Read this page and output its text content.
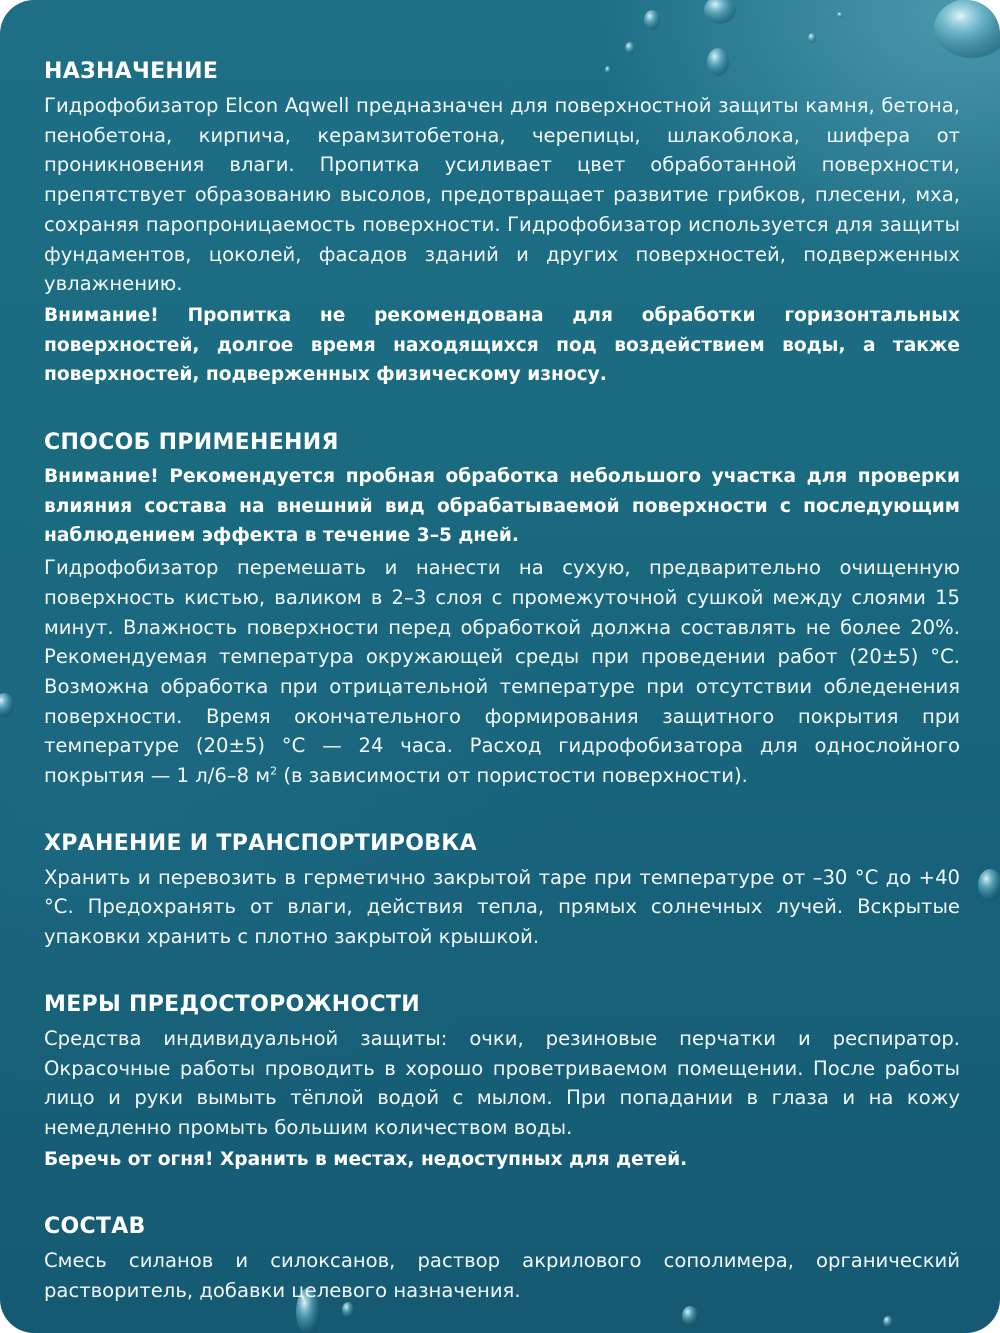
НАЗНАЧЕНИЕ

Гидрофобизатор Elcon Aqwell предназначен для поверхностной защиты камня, бетона, пенобетона, кирпича, керамзитобетона, черепицы, шлакоблока, шифера от проникновения влаги. Пропитка усиливает цвет обработанной поверхности, препятствует образованию высолов, предотвращает развитие грибков, плесени, мха, сохраняя паропроницаемость поверхности. Гидрофобизатор используется для защиты фундаментов, цоколей, фасадов зданий и других поверхностей, подверженных увлажнению.

Внимание! Пропитка не рекомендована для обработки горизонтальных поверхностей, долгое время находящихся под воздействием воды, а также поверхностей, подверженных физическому износу.

СПОСОБ ПРИМЕНЕНИЯ

Внимание! Рекомендуется пробная обработка небольшого участка для проверки влияния состава на внешний вид обрабатываемой поверхности с последующим наблюдением эффекта в течение 3–5 дней.

Гидрофобизатор перемешать и нанести на сухую, предварительно очищенную поверхность кистью, валиком в 2–3 слоя с промежуточной сушкой между слоями 15 минут. Влажность поверхности перед обработкой должна составлять не более 20%. Рекомендуемая температура окружающей среды при проведении работ (20±5) °С. Возможна обработка при отрицательной температуре при отсутствии обледенения поверхности. Время окончательного формирования защитного покрытия при температуре (20±5) °С — 24 часа. Расход гидрофобизатора для однослойного покрытия — 1 л/6–8 $м^2$ (в зависимости от пористости поверхности).

ХРАНЕНИЕ И ТРАНСПОРТИРОВКА

Хранить и перевозить в герметично закрытой таре при температуре от –30 °С до +40 °С. Предохранять от влаги, действия тепла, прямых солнечных лучей. Вскрытые упаковки хранить с плотно закрытой крышкой.

МЕРЫ ПРЕДОСТОРОЖНОСТИ

Средства индивидуальной защиты: очки, резиновые перчатки и респиратор. Окрасочные работы проводить в хорошо проветриваемом помещении. После работы лицо и руки вымыть тёплой водой с мылом. При попадании в глаза и на кожу немедленно промыть большим количеством воды.

Беречь от огня! Хранить в местах, недоступных для детей.

СОСТАВ

Смесь силанов и силоксанов, раствор акрилового сополимера, органический растворитель, добавки целевого назначения.
